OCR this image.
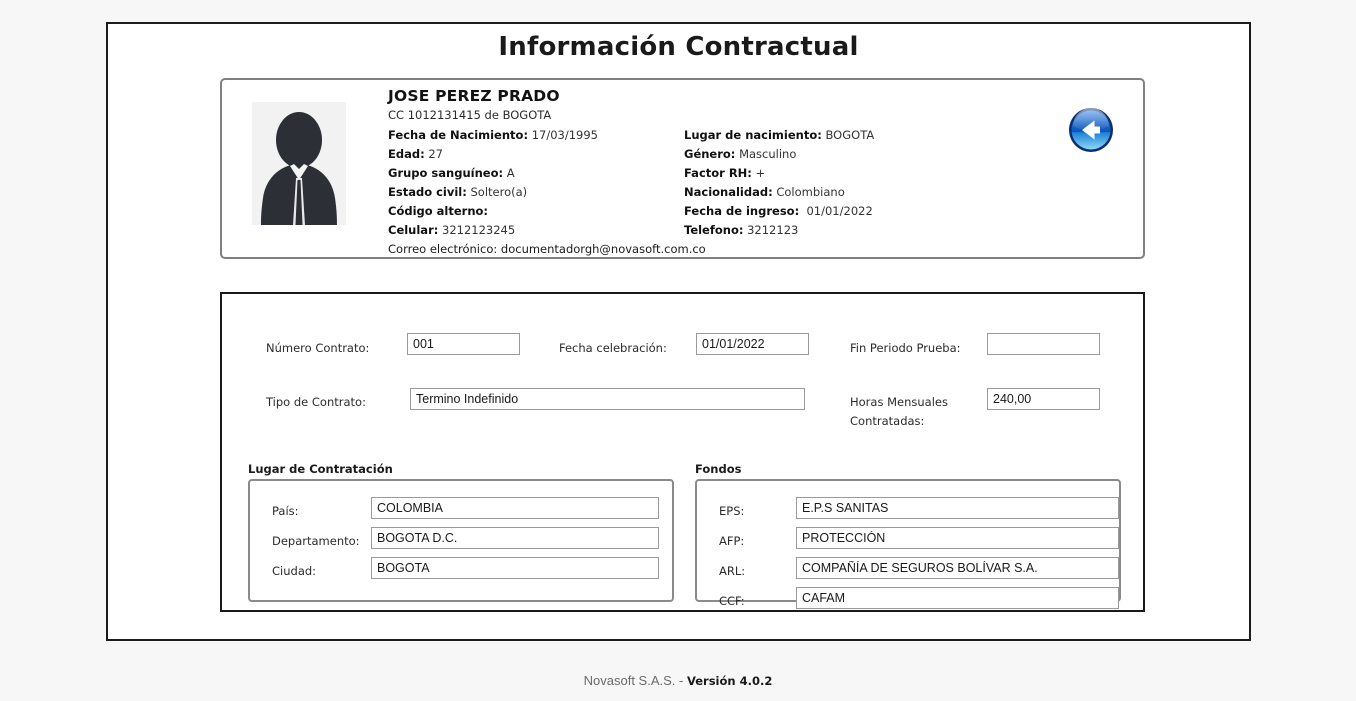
Información Contractual
JOSE PEREZ PRADO
CC 1012131415 de BOGOTA
Fecha de Nacimiento: 17/03/1995	Lugar de nacimiento: BOGOTA
Edad: 27	Género: Masculino
Grupo sanguíneo: A	Factor RH: +
Estado civil: Soltero(a)	Nacionalidad: Colombiano
Código alterno:	Fecha de ingreso: 01/01/2022
Celular: 3212123245	Telefono: 3212123
Correo electrónico: documentadorgh@novasoft.com.co
Número Contrato:
001	Fecha celebración:
01/01/2022	Fin Periodo Prueba:
Tipo de Contrato:
Termino Indefinido	Horas Mensuales
Contratadas:
240,00
Lugar de Contratación
País:
COLOMBIA
Departamento:
BOGOTA D.C.
Ciudad:
BOGOTA
Fondos
EPS:
E.P.S SANITAS
AFP:
PROTECCIÓN
ARL:
COMPAÑÍA DE SEGUROS BOLÍVAR S.A.
CCF:
CAFAM
Novasoft S.A.S. - Versión 4.0.2
